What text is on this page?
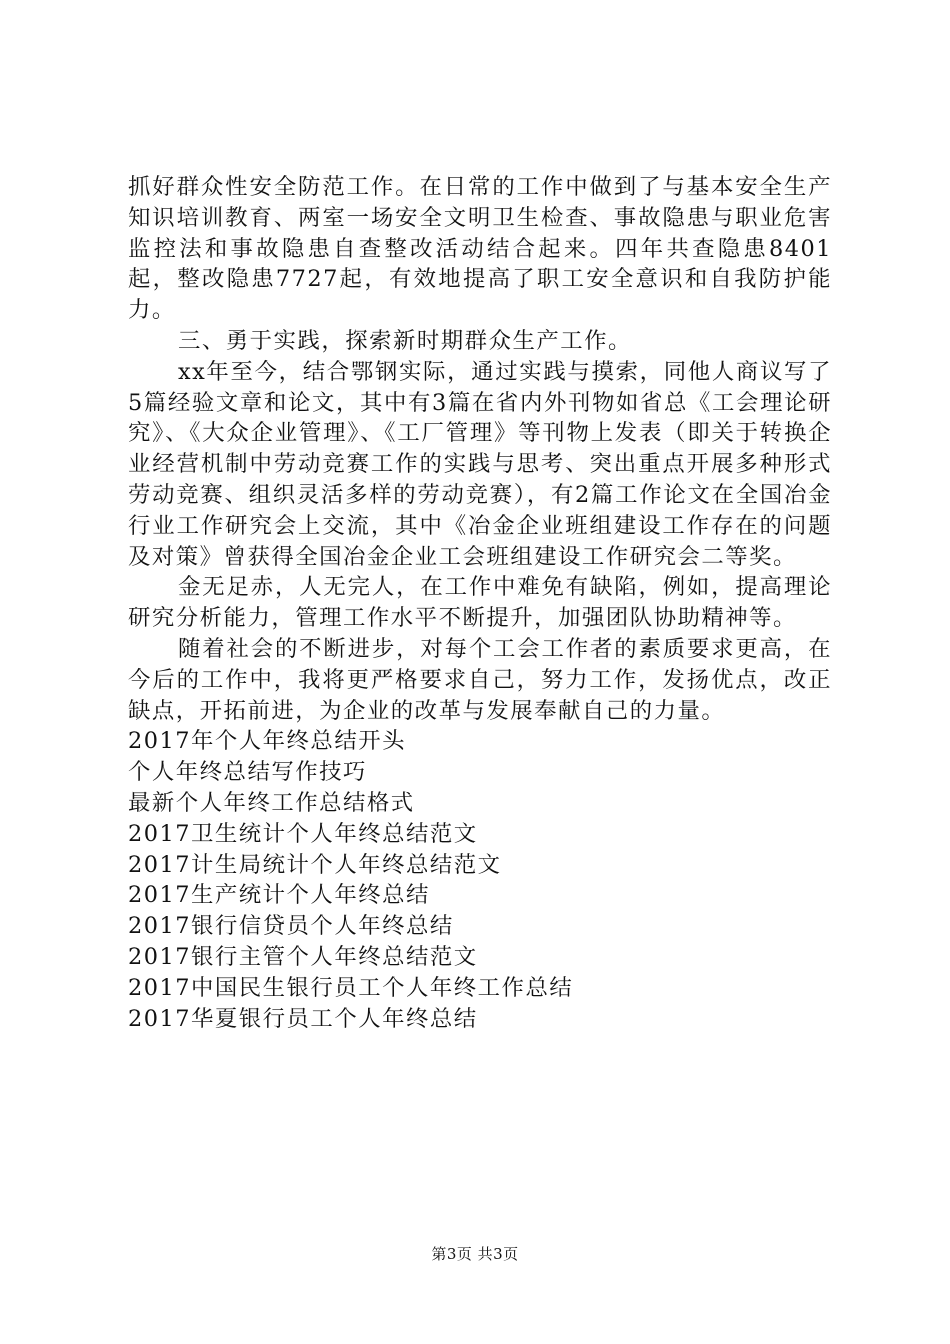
抓好群众性安全防范工作。在日常的工作中做到了与基本安全生产知识培训教育、两室一场安全文明卫生检查、事故隐患与职业危害监控法和事故隐患自查整改活动结合起来。四年共查隐患8401起，整改隐患7727起，有效地提高了职工安全意识和自我防护能力。

三、勇于实践，探索新时期群众生产工作。

xx年至今，结合鄂钢实际，通过实践与摸索，同他人商议写了5篇经验文章和论文，其中有3篇在省内外刊物如省总《工会理论研究》、《大众企业管理》、《工厂管理》等刊物上发表（即关于转换企业经营机制中劳动竞赛工作的实践与思考、突出重点开展多种形式劳动竞赛、组织灵活多样的劳动竞赛），有2篇工作论文在全国冶金行业工作研究会上交流，其中《冶金企业班组建设工作存在的问题及对策》曾获得全国冶金企业工会班组建设工作研究会二等奖。

金无足赤，人无完人，在工作中难免有缺陷，例如，提高理论研究分析能力，管理工作水平不断提升，加强团队协助精神等。

随着社会的不断进步，对每个工会工作者的素质要求更高，在今后的工作中，我将更严格要求自己，努力工作，发扬优点，改正缺点，开拓前进，为企业的改革与发展奉献自己的力量。

2017年个人年终总结开头

个人年终总结写作技巧

最新个人年终工作总结格式

2017卫生统计个人年终总结范文

2017计生局统计个人年终总结范文

2017生产统计个人年终总结

2017银行信贷员个人年终总结

2017银行主管个人年终总结范文

2017中国民生银行员工个人年终工作总结

2017华夏银行员工个人年终总结

第3页 共3页
